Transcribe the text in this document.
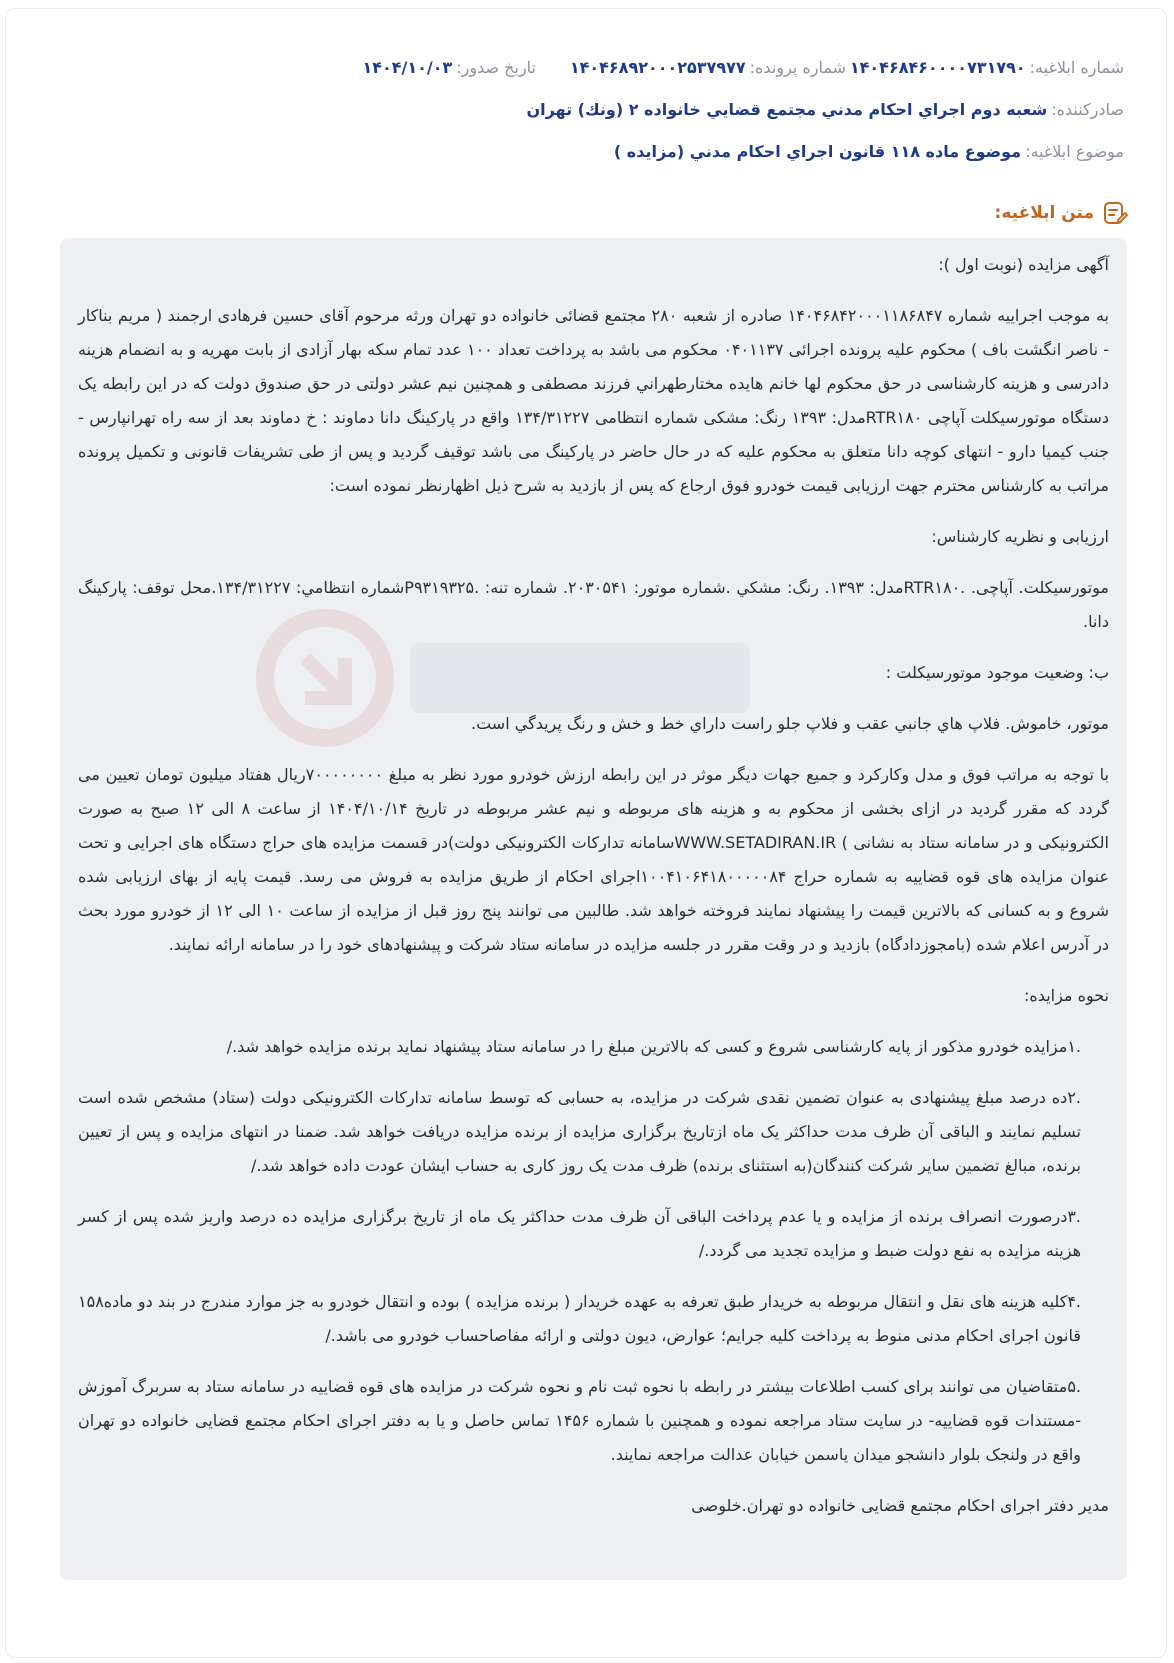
شماره ابلاغیه:
۱۴۰۴۶۸۴۶۰۰۰۰۷۳۱۷۹۰
شماره پرونده:
۱۴۰۴۶۸۹۲۰۰۰۲۵۳۷۹۷۷
تاریخ صدور:
۱۴۰۴/۱۰/۰۳
صادرکننده:
شعبه دوم اجراي احكام مدني مجتمع قضايي خانواده ۲ (ونك) تهران
موضوع ابلاغیه:
موضوع ماده ۱۱۸ قانون اجراي احكام مدني (مزايده )
متن ابلاغیه:

آگهی مزایده (نوبت اول ):

به موجب اجراییه شماره ۱۴۰۴۶۸۴۲۰۰۰۱۱۸۶۸۴۷ صادره از شعبه ۲۸۰ مجتمع قضائی خانواده دو تهران ورثه مرحوم آقای حسین فرهادی ارجمند ( مریم بناکار - ناصر انگشت باف ) محکوم علیه پرونده اجرائی ۰۴۰۱۱۳۷ محکوم می باشد به پرداخت تعداد ۱۰۰ عدد تمام سکه بهار آزادی از بابت مهریه و به انضمام هزینه دادرسی و هزینه کارشناسی در حق محکوم لها خانم هایده مختارطهراني فرزند مصطفی و همچنین نیم عشر دولتی در حق صندوق دولت که در این رابطه یک دستگاه موتورسیکلت آپاچی RTR۱۸۰مدل: ۱۳۹۳ رنگ: مشکی شماره انتظامی ۱۳۴/۳۱۲۲۷ واقع در پارکینگ دانا دماوند : خ دماوند بعد از سه راه تهرانپارس - جنب کیمیا دارو - انتهای کوچه دانا متعلق به محکوم علیه که در حال حاضر در پارکینگ می باشد توقیف گردید و پس از طی تشریفات قانونی و تکمیل پرونده مراتب به کارشناس محترم جهت ارزیابی قیمت خودرو فوق ارجاع که پس از بازدید به شرح ذیل اظهارنظر نموده است:

ارزیابی و نظریه کارشناس:

موتورسیکلت. آپاچی. .RTR۱۸۰مدل: ۱۳۹۳. رنگ: مشكي .شماره موتور: ۲۰۳۰۵۴۱. شماره تنه: .P۹۳۱۹۳۲۵شماره انتظامي: ۱۳۴/۳۱۲۲۷.محل توقف: پاركينگ دانا.

ب: وضعیت موجود موتورسیکلت :

موتور، خاموش. فلاپ هاي جانبي عقب و فلاپ جلو راست داراي خط و خش و رنگ پريدگي است.

با توجه به مراتب فوق و مدل وكاركرد و جميع جهات ديگر موثر در اين رابطه ارزش خودرو مورد نظر به مبلغ ۷۰۰۰۰۰۰۰۰ریال هفتاد میلیون تومان تعیین می گردد که مقرر گردید در ازای بخشی از محکوم به و هزینه های مربوطه و نیم عشر مربوطه در تاریخ ۱۴۰۴/۱۰/۱۴ از ساعت ۸ الی ۱۲ صبح به صورت الکترونیکی و در سامانه ستاد به نشانی ) WWW.SETADIRAN.IRسامانه تدارکات الکترونیکی دولت)در قسمت مزایده های حراج دستگاه های اجرایی و تحت عنوان مزایده های قوه قضاییه به شماره حراج ۱۰۰۴۱۰۶۴۱۸۰۰۰۰۰۸۴اجرای احکام از طریق مزایده به فروش می رسد. قیمت پایه از بهای ارزیابی شده شروع و به کسانی که بالاترین قیمت را پیشنهاد نمایند فروخته خواهد شد. طالبین می توانند پنج روز قبل از مزایده از ساعت ۱۰ الی ۱۲ از خودرو مورد بحث در آدرس اعلام شده (بامجوزدادگاه) بازدید و در وقت مقرر در جلسه مزایده در سامانه ستاد شرکت و پیشنهادهای خود را در سامانه ارائه نمایند.

نحوه مزایده:

.۱مزایده خودرو مذکور از پایه کارشناسی شروع و کسی که بالاترین مبلغ را در سامانه ستاد پیشنهاد نماید برنده مزایده خواهد شد./

.۲ده درصد مبلغ پیشنهادی به عنوان تضمین نقدی شرکت در مزایده، به حسابی که توسط سامانه تدارکات الکترونیکی دولت (ستاد) مشخص شده است تسلیم نمایند و الباقی آن ظرف مدت حداکثر یک ماه ازتاریخ برگزاری مزایده از برنده مزایده دریافت خواهد شد. ضمنا در انتهای مزایده و پس از تعیین برنده، مبالغ تضمین سایر شرکت کنندگان(به استثنای برنده) ظرف مدت یک روز کاری به حساب ایشان عودت داده خواهد شد./

.۳درصورت انصراف برنده از مزایده و یا عدم پرداخت الباقی آن ظرف مدت حداکثر یک ماه از تاریخ برگزاری مزایده ده درصد واریز شده پس از کسر هزینه مزایده به نفع دولت ضبط و مزایده تجدید می گردد./

.۴کلیه هزینه های نقل و انتقال مربوطه به خریدار طبق تعرفه به عهده خریدار ( برنده مزایده ) بوده و انتقال خودرو به جز موارد مندرج در بند دو ماده۱۵۸ قانون اجرای احکام مدنی منوط به پرداخت کلیه جرایم؛ عوارض، دیون دولتی و ارائه مفاصاحساب خودرو می باشد./

.۵متقاضیان می توانند برای کسب اطلاعات بیشتر در رابطه با نحوه ثبت نام و نحوه شرکت در مزایده های قوه قضاییه در سامانه ستاد به سربرگ آموزش -مستندات قوه قضاییه- در سایت ستاد مراجعه نموده و همچنین با شماره ۱۴۵۶ تماس حاصل و یا به دفتر اجرای احکام مجتمع قضایی خانواده دو تهران واقع در ولنجک بلوار دانشجو میدان یاسمن خیابان عدالت مراجعه نمایند.

مدیر دفتر اجرای احکام مجتمع قضایی خانواده دو تهران.خلوصی
